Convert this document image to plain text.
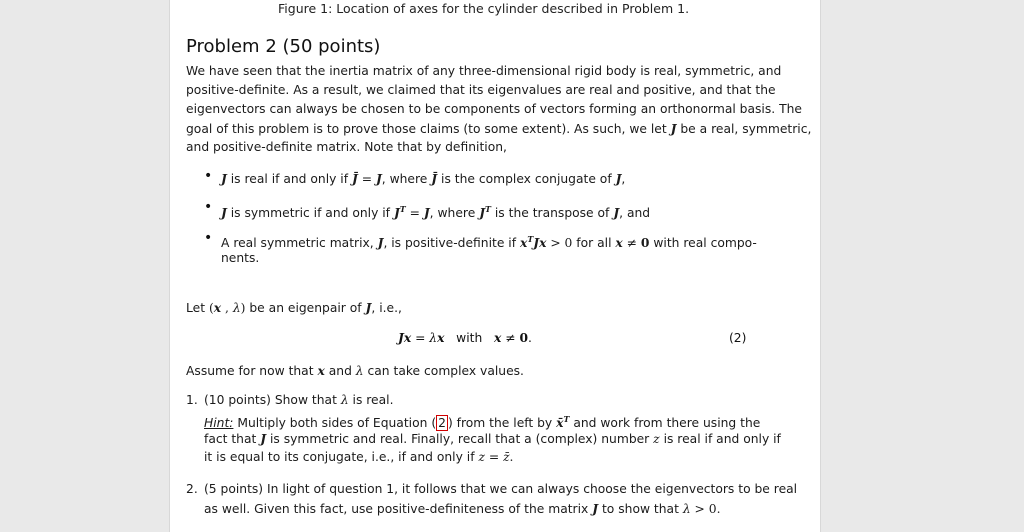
Figure 1: Location of axes for the cylinder described in Problem 1.
Problem 2 (50 points)
We have seen that the inertia matrix of any three-dimensional rigid body is real, symmetric, and
positive-definite. As a result, we claimed that its eigenvalues are real and positive, and that the
eigenvectors can always be chosen to be components of vectors forming an orthonormal basis. The
goal of this problem is to prove those claims (to some extent). As such, we let J be a real, symmetric,
and positive-definite matrix. Note that by definition,
• J is real if and only if J̄ = J, where J̄ is the complex conjugate of J,
• J is symmetric if and only if $J^T = J$, where $J^T$ is the transpose of J, and
• A real symmetric matrix, J, is positive-definite if $x^TJx > 0$ for all x ≠ 0 with real compo-
nents.
Let (x , λ) be an eigenpair of J, i.e.,
Jx = λx with x ≠ 0.	(2)
Assume for now that x and λ can take complex values.
1. (10 points) Show that λ is real.
Hint: Multiply both sides of Equation ( 2 ) from the left by x̄$^T$ and work from there using the
fact that J is symmetric and real. Finally, recall that a (complex) number z is real if and only if
it is equal to its conjugate, i.e., if and only if z = z̄.
2. (5 points) In light of question 1, it follows that we can always choose the eigenvectors to be real
as well. Given this fact, use positive-definiteness of the matrix J to show that λ > 0.
